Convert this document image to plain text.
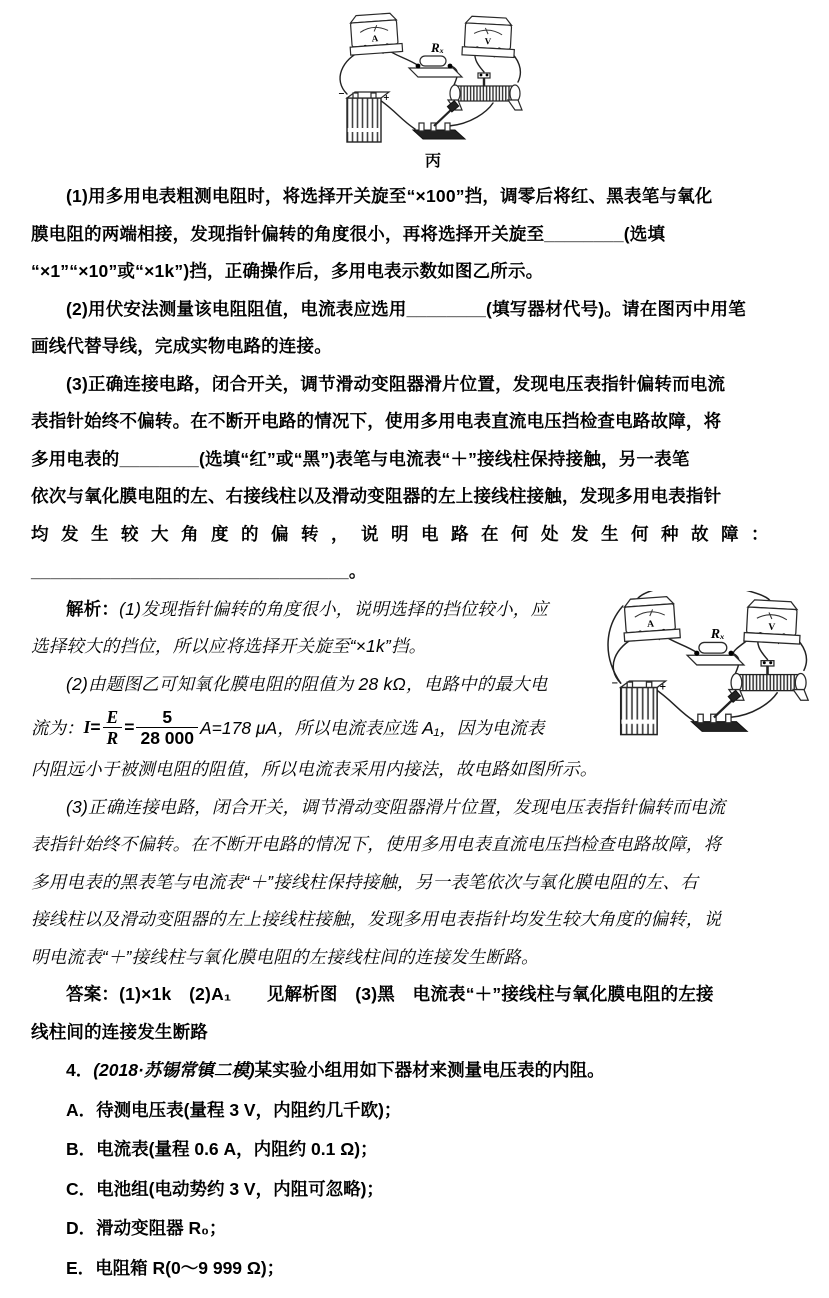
A	V
Rₓ
−	+
丙
(1)用多用电表粗测电阻时，将选择开关旋至“×100”挡，调零后将红、黑表笔与氧化
膜电阻的两端相接，发现指针偏转的角度很小，再将选择开关旋至________(选填
“×1”“×10”或“×1k”)挡，正确操作后，多用电表示数如图乙所示。
(2)用伏安法测量该电阻阻值，电流表应选用________(填写器材代号)。请在图丙中用笔
画线代替导线，完成实物电路的连接。
(3)正确连接电路，闭合开关，调节滑动变阻器滑片位置，发现电压表指针偏转而电流
表指针始终不偏转。在不断开电路的情况下，使用多用电表直流电压挡检查电路故障，将
多用电表的________(选填“红”或“黑”)表笔与电流表“＋”接线柱保持接触，另一表笔
依次与氧化膜电阻的左、右接线柱以及滑动变阻器的左上接线柱接触，发现多用电表指针
均发生较大角度的偏转，说明电路在何处发生何种故障：
________________________________。
A	V
Rₓ
−	+
解析：(1)发现指针偏转的角度很小，说明选择的挡位较小，应
选择较大的挡位，所以应将选择开关旋至“×1k”挡。
(2)由题图乙可知氧化膜电阻的阻值为 28 kΩ，电路中的最大电
流为： $I = \frac{E}{R} = \frac{5}{28 000} A=178$ μA，所以电流表应选 A₁，因为电流表
内阻远小于被测电阻的阻值，所以电流表采用内接法，故电路如图所示。
(3)正确连接电路，闭合开关，调节滑动变阻器滑片位置，发现电压表指针偏转而电流
表指针始终不偏转。在不断开电路的情况下，使用多用电表直流电压挡检查电路故障，将
多用电表的黑表笔与电流表“＋”接线柱保持接触，另一表笔依次与氧化膜电阻的左、右
接线柱以及滑动变阻器的左上接线柱接触，发现多用电表指针均发生较大角度的偏转，说
明电流表“＋”接线柱与氧化膜电阻的左接线柱间的连接发生断路。
答案：(1)×1k　(2)A₁　　见解析图　(3)黑　电流表“＋”接线柱与氧化膜电阻的左接
线柱间的连接发生断路
4．(2018·苏锡常镇二模)某实验小组用如下器材来测量电压表的内阻。
A．待测电压表(量程 3 V，内阻约几千欧)；
B．电流表(量程 0.6 A，内阻约 0.1 Ω)；
C．电池组(电动势约 3 V，内阻可忽略)；
D．滑动变阻器 R₀；
E．电阻箱 R(0～9 999 Ω)；
